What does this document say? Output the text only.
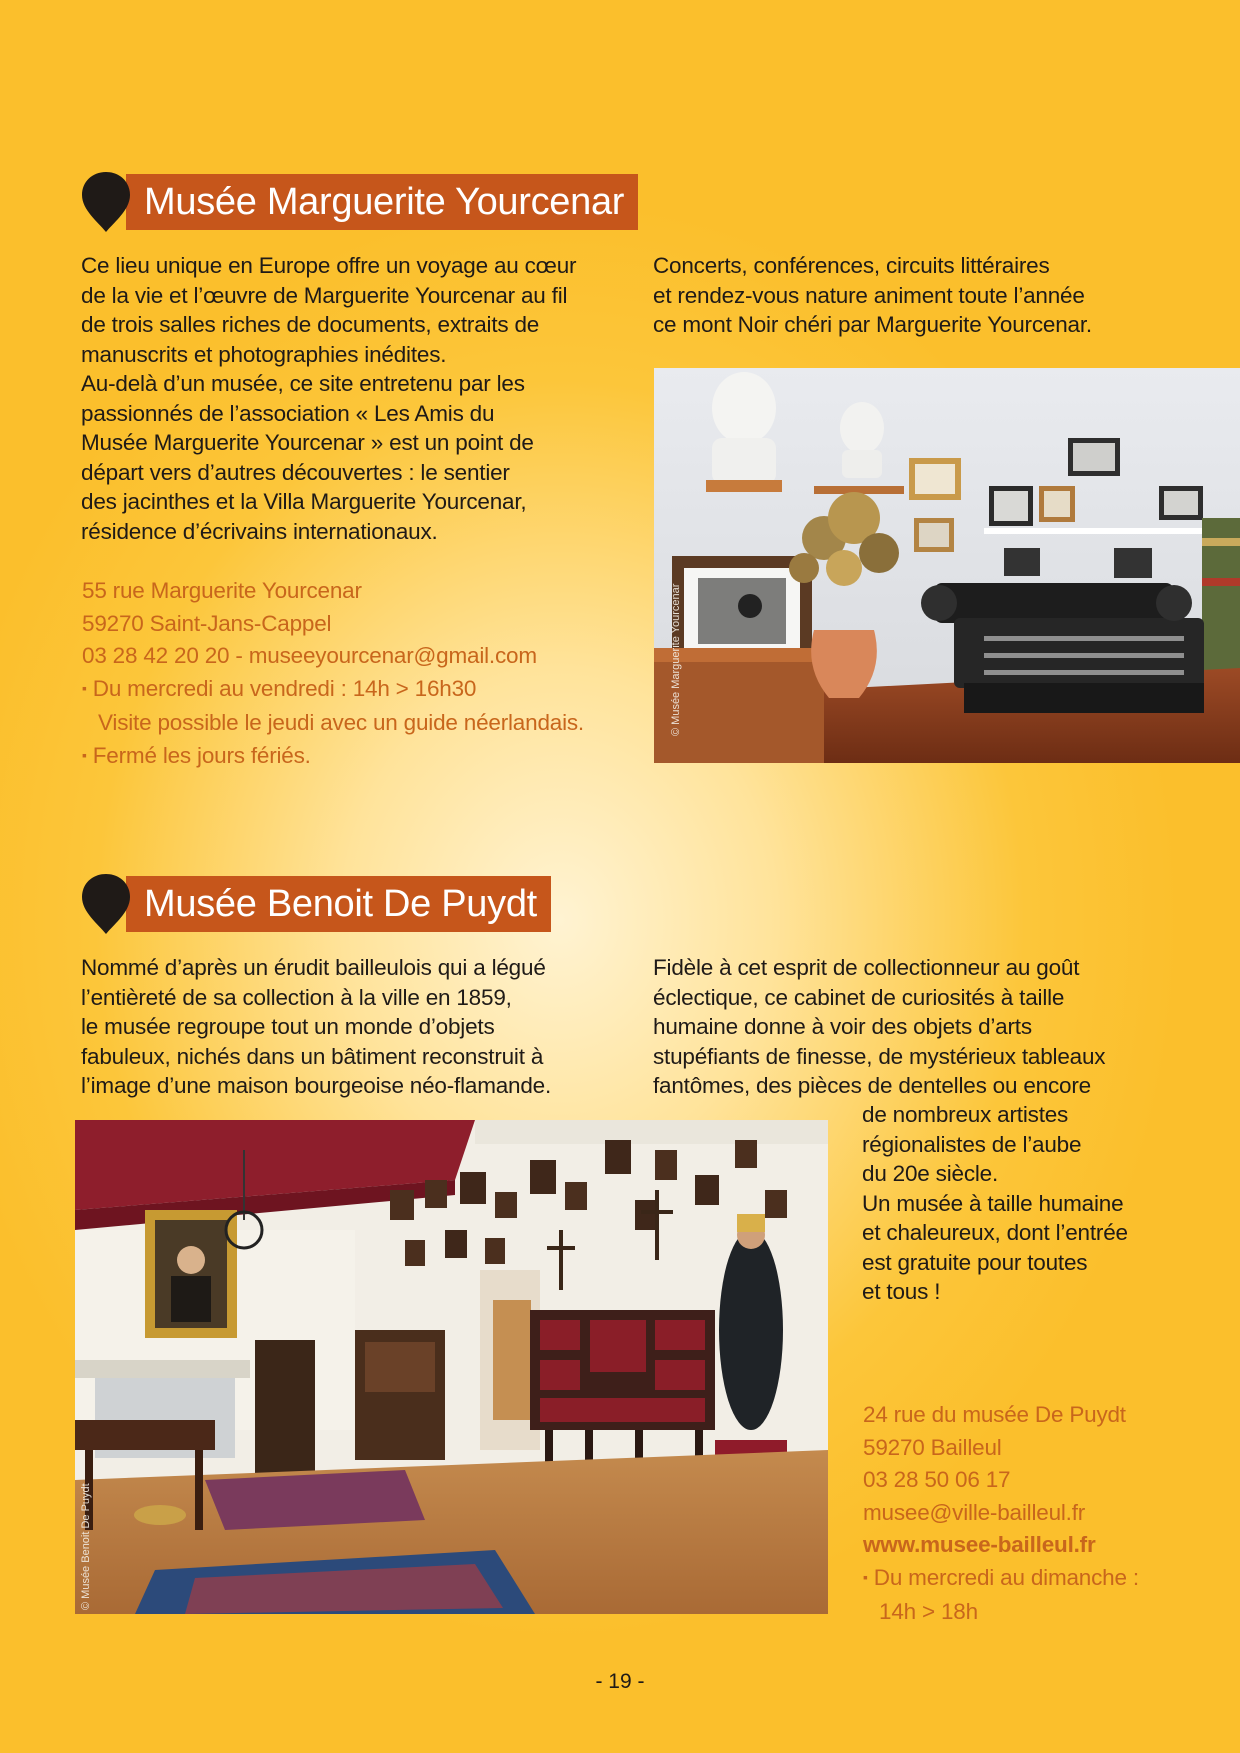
Musée Marguerite Yourcenar
Ce lieu unique en Europe offre un voyage au cœur
de la vie et l’œuvre de Marguerite Yourcenar au fil
de trois salles riches de documents, extraits de
manuscrits et photographies inédites.
Au-delà d’un musée, ce site entretenu par les
passionnés de l’association « Les Amis du
Musée Marguerite Yourcenar » est un point de
départ vers d’autres découvertes : le sentier
des jacinthes et la Villa Marguerite Yourcenar,
résidence d’écrivains internationaux.
Concerts, conférences, circuits littéraires
et rendez-vous nature animent toute l’année
ce mont Noir chéri par Marguerite Yourcenar.
55 rue Marguerite Yourcenar
59270 Saint-Jans-Cappel
03 28 42 20 20 - museeyourcenar@gmail.com
▪ Du mercredi au vendredi : 14h > 16h30
Visite possible le jeudi avec un guide néerlandais.
▪ Fermé les jours fériés.
© Musée Marguerite Yourcenar
Musée Benoit De Puydt
Nommé d’après un érudit bailleulois qui a légué
l’entièreté de sa collection à la ville en 1859,
le musée regroupe tout un monde d’objets
fabuleux, nichés dans un bâtiment reconstruit à
l’image d’une maison bourgeoise néo-flamande.
Fidèle à cet esprit de collectionneur au goût
éclectique, ce cabinet de curiosités à taille
humaine donne à voir des objets d’arts
stupéfiants de finesse, de mystérieux tableaux
fantômes, des pièces de dentelles ou encore
de nombreux artistes
régionalistes de l’aube
du 20e siècle.
Un musée à taille humaine
et chaleureux, dont l’entrée
est gratuite pour toutes
et tous !
© Musée Benoit De Puydt
24 rue du musée De Puydt
59270 Bailleul
03 28 50 06 17
musee@ville-bailleul.fr
www.musee-bailleul.fr
▪ Du mercredi au dimanche :
14h > 18h
- 19 -
